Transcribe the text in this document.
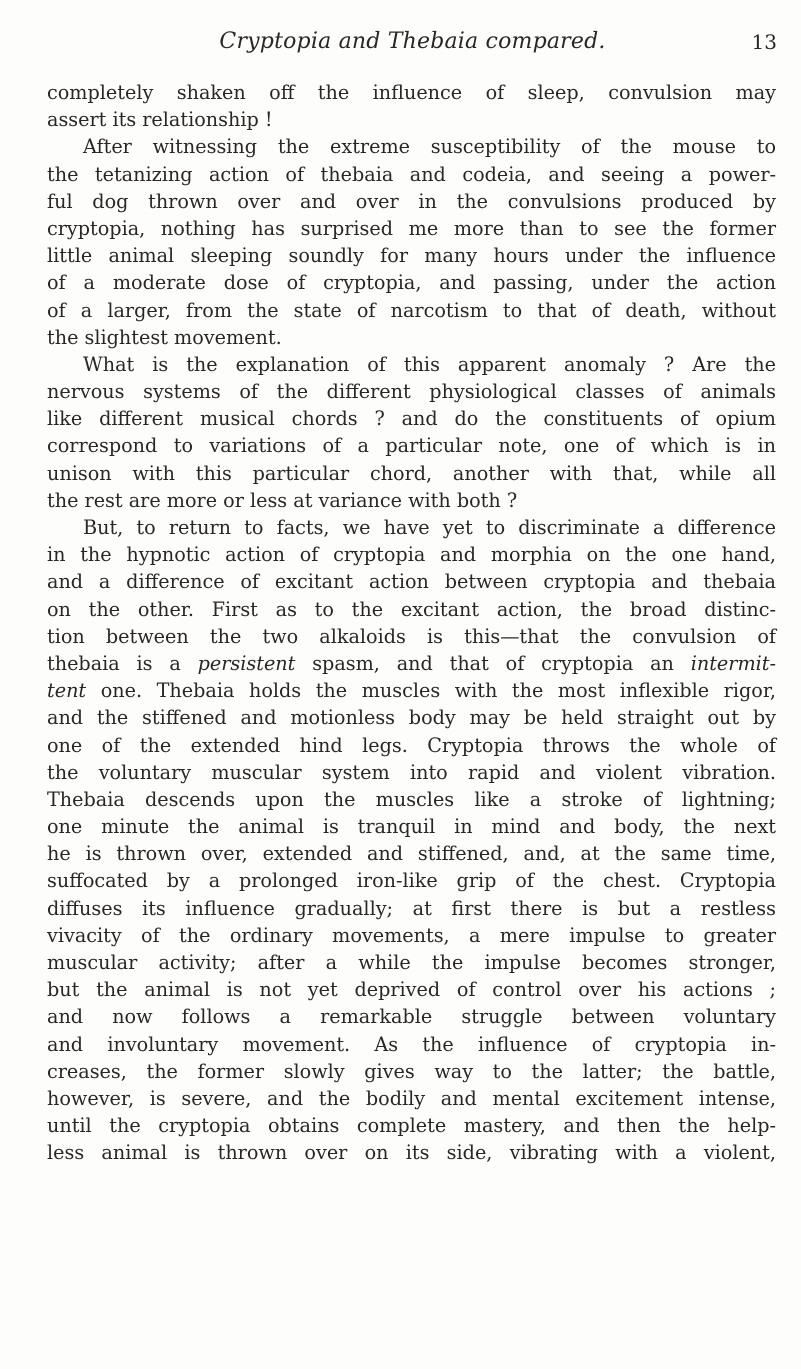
Cryptopia and Thebaia compared.	13
completely shaken off the influence of sleep, convulsion may
assert its relationship !
After witnessing the extreme susceptibility of the mouse to
the tetanizing action of thebaia and codeia, and seeing a power-
ful dog thrown over and over in the convulsions produced by
cryptopia, nothing has surprised me more than to see the former
little animal sleeping soundly for many hours under the influence
of a moderate dose of cryptopia, and passing, under the action
of a larger, from the state of narcotism to that of death, without
the slightest movement.
What is the explanation of this apparent anomaly ? Are the
nervous systems of the different physiological classes of animals
like different musical chords ? and do the constituents of opium
correspond to variations of a particular note, one of which is in
unison with this particular chord, another with that, while all
the rest are more or less at variance with both ?
But, to return to facts, we have yet to discriminate a difference
in the hypnotic action of cryptopia and morphia on the one hand,
and a difference of excitant action between cryptopia and thebaia
on the other. First as to the excitant action, the broad distinc-
tion between the two alkaloids is this—that the convulsion of
thebaia is a persistent spasm, and that of cryptopia an intermit-
tent one. Thebaia holds the muscles with the most inflexible rigor,
and the stiffened and motionless body may be held straight out by
one of the extended hind legs. Cryptopia throws the whole of
the voluntary muscular system into rapid and violent vibration.
Thebaia descends upon the muscles like a stroke of lightning;
one minute the animal is tranquil in mind and body, the next
he is thrown over, extended and stiffened, and, at the same time,
suffocated by a prolonged iron-like grip of the chest. Cryptopia
diffuses its influence gradually; at first there is but a restless
vivacity of the ordinary movements, a mere impulse to greater
muscular activity; after a while the impulse becomes stronger,
but the animal is not yet deprived of control over his actions ;
and now follows a remarkable struggle between voluntary
and involuntary movement. As the influence of cryptopia in-
creases, the former slowly gives way to the latter; the battle,
however, is severe, and the bodily and mental excitement intense,
until the cryptopia obtains complete mastery, and then the help-
less animal is thrown over on its side, vibrating with a violent,
